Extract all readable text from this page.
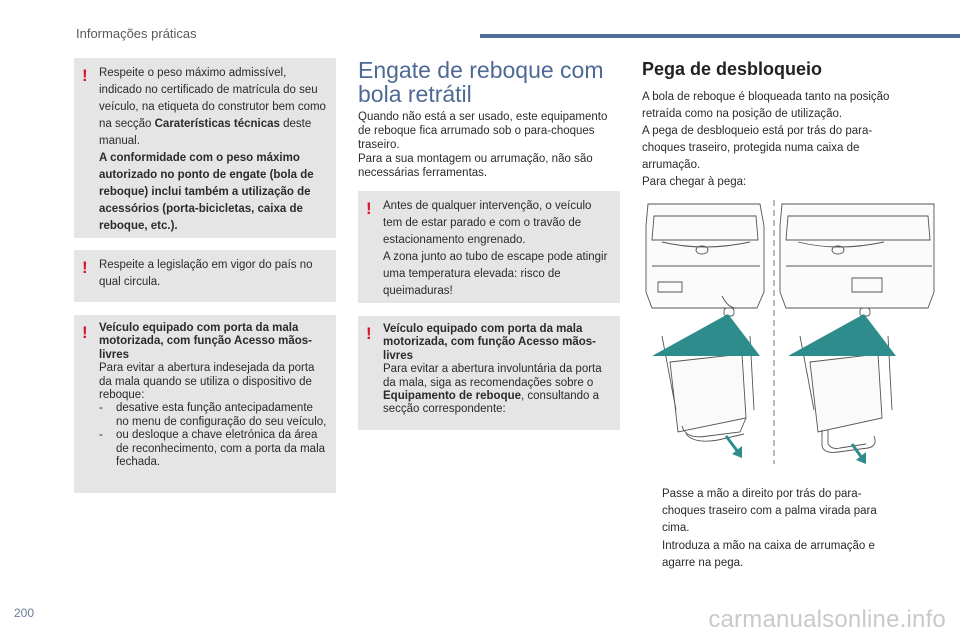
Informações práticas
! Respeite o peso máximo admissível, indicado no certificado de matrícula do seu veículo, na etiqueta do construtor bem como na secção Caraterísticas técnicas deste manual.

A conformidade com o peso máximo autorizado no ponto de engate (bola de reboque) inclui também a utilização de acessórios (porta-bicicletas, caixa de reboque, etc.).

! Respeite a legislação em vigor do país no qual circula.

! Veículo equipado com porta da mala motorizada, com função Acesso mãos-livres

Para evitar a abertura indesejada da porta da mala quando se utiliza o dispositivo de reboque:

- desative esta função antecipadamente no menu de configuração do seu veículo,
- ou desloque a chave eletrónica da área de reconhecimento, com a porta da mala fechada.
Engate de reboque com
bola retrátil

Quando não está a ser usado, este equipamento de reboque fica arrumado sob o para-choques traseiro.
Para a sua montagem ou arrumação, não são necessárias ferramentas.

! Antes de qualquer intervenção, o veículo tem de estar parado e com o travão de estacionamento engrenado.

A zona junto ao tubo de escape pode atingir uma temperatura elevada: risco de queimaduras!

! Veículo equipado com porta da mala motorizada, com função Acesso mãos-livres

Para evitar a abertura involuntária da porta da mala, siga as recomendações sobre o Equipamento de reboque, consultando a secção correspondente:

Pega de desbloqueio

A bola de reboque é bloqueada tanto na posição retraída como na posição de utilização.
A pega de desbloqueio está por trás do para-choques traseiro, protegida numa caixa de arrumação.

Para chegar à pega:

Passe a mão a direito por trás do para-choques traseiro com a palma virada para cima.
Introduza a mão na caixa de arrumação e agarre na pega.
200	carmanualsonline.info
